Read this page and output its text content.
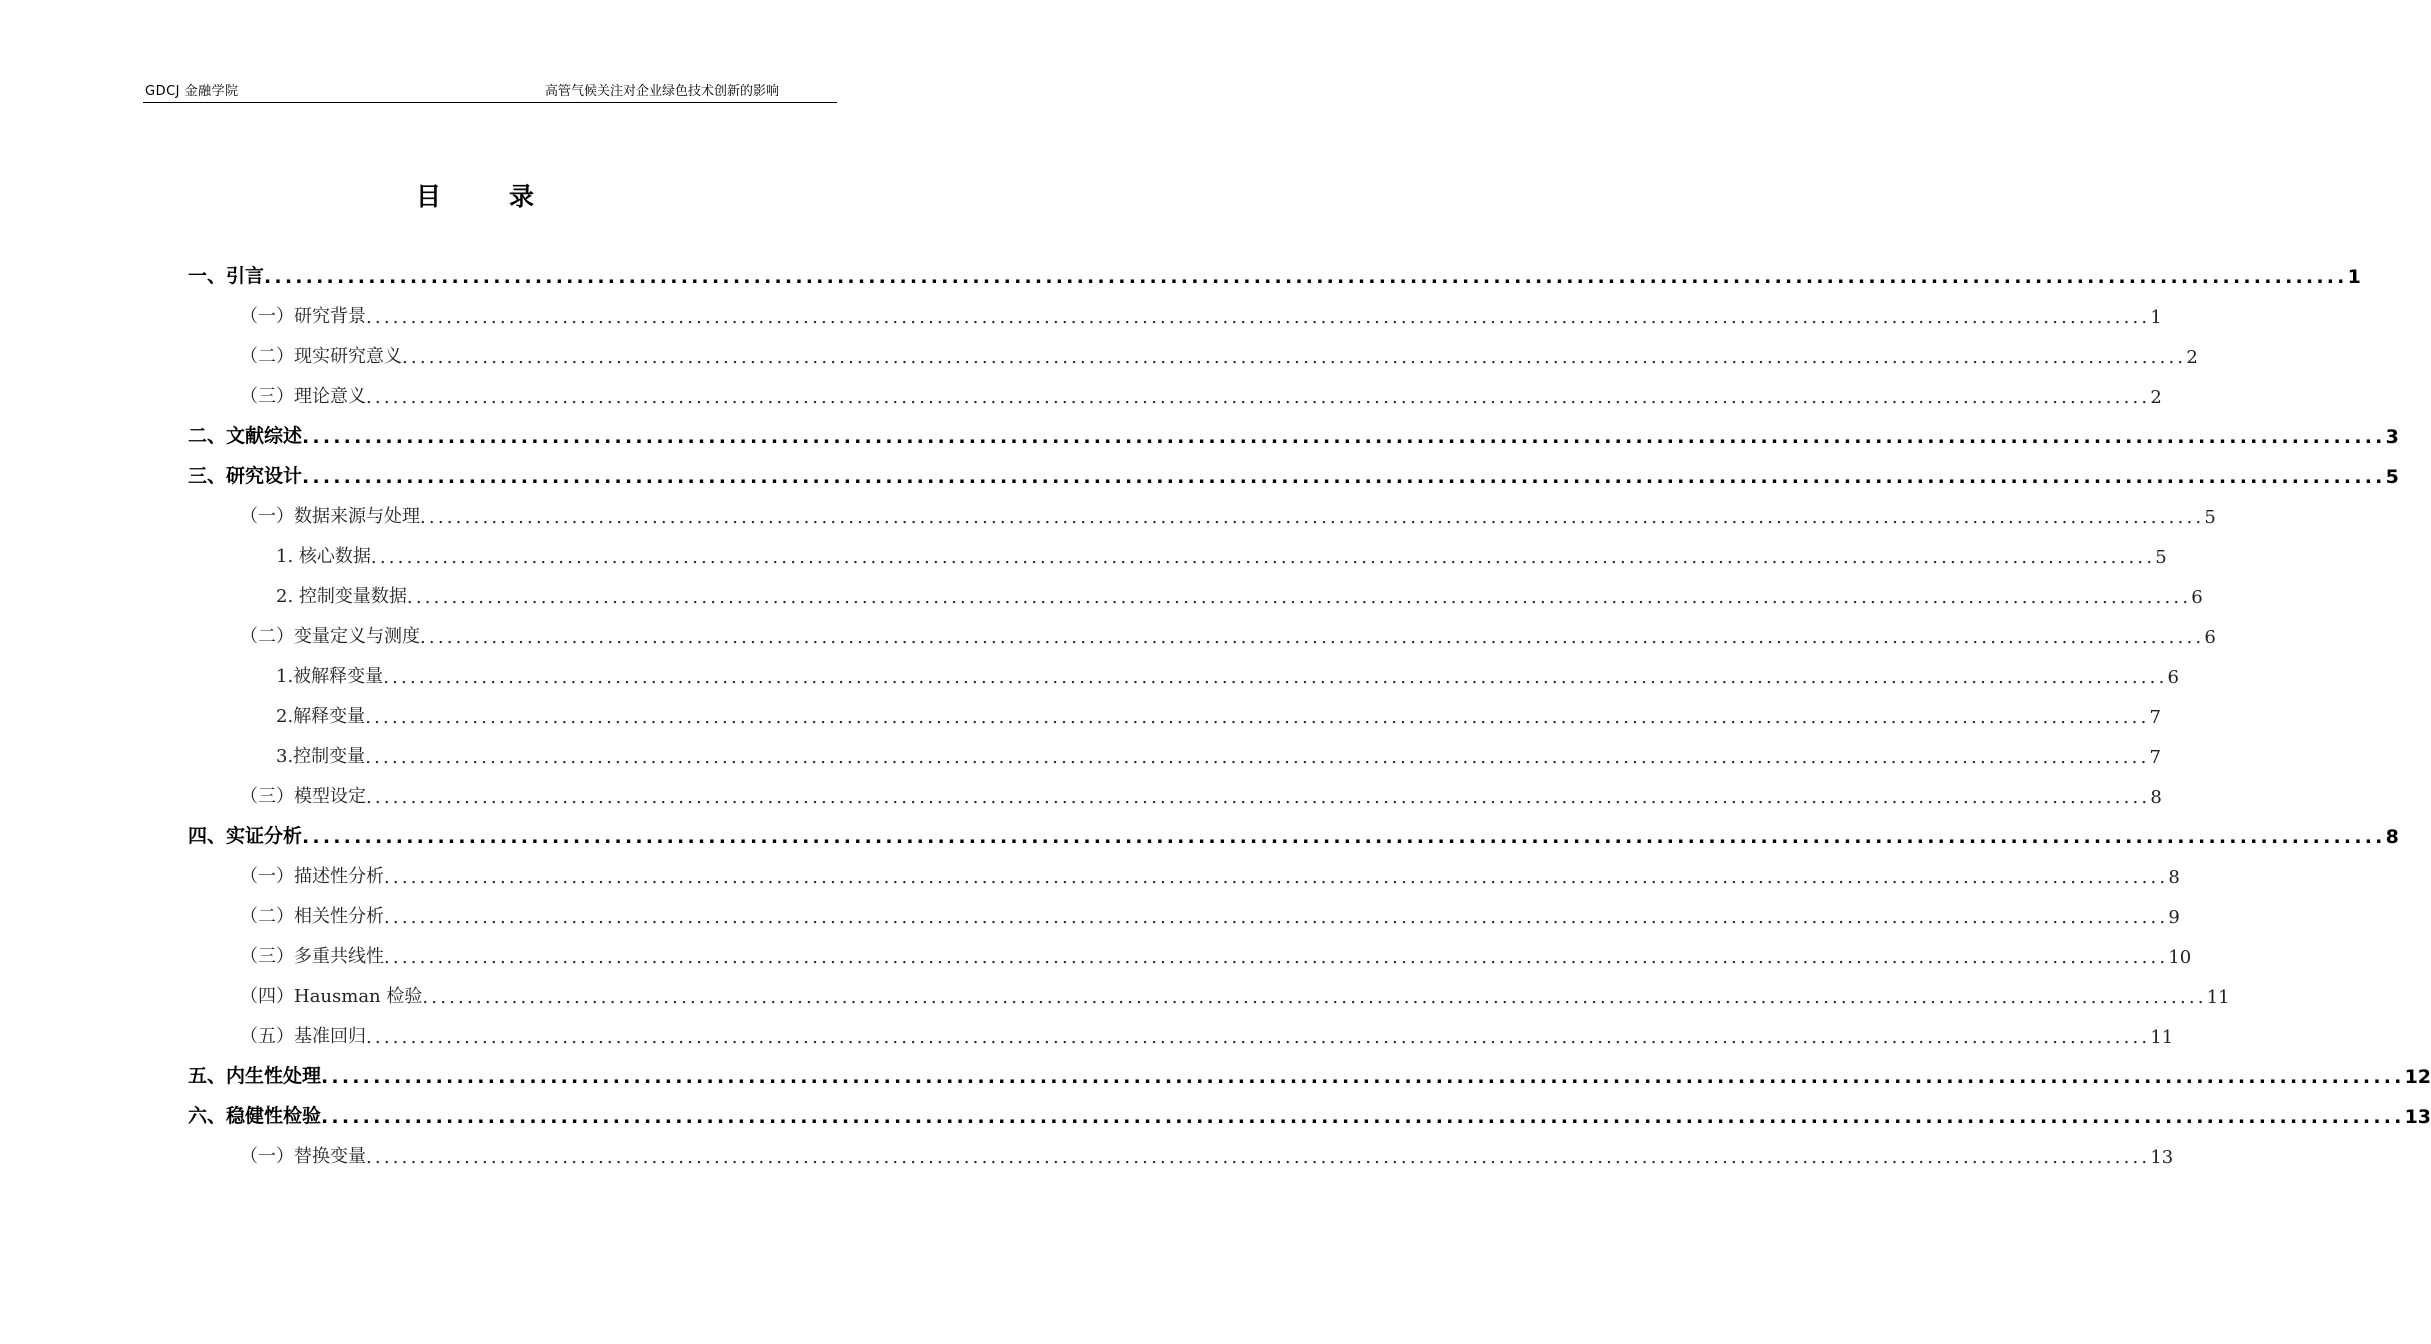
GDCJ 金融学院	高管气候关注对企业绿色技术创新的影响
目	录
一、引言 ........................................................................................................................................................................................................ 1
（一）研究背景 ........................................................................................................................................................................................................ 1
（二）现实研究意义 ........................................................................................................................................................................................................ 2
（三）理论意义 ........................................................................................................................................................................................................ 2
二、文献综述 ........................................................................................................................................................................................................ 3
三、研究设计 ........................................................................................................................................................................................................ 5
（一）数据来源与处理 ........................................................................................................................................................................................................ 5
1. 核心数据 ........................................................................................................................................................................................................ 5
2. 控制变量数据 ........................................................................................................................................................................................................ 6
（二）变量定义与测度 ........................................................................................................................................................................................................ 6
1.被解释变量 ........................................................................................................................................................................................................ 6
2.解释变量 ........................................................................................................................................................................................................ 7
3.控制变量 ........................................................................................................................................................................................................ 7
（三）模型设定 ........................................................................................................................................................................................................ 8
四、实证分析 ........................................................................................................................................................................................................ 8
（一）描述性分析 ........................................................................................................................................................................................................ 8
（二）相关性分析 ........................................................................................................................................................................................................ 9
（三）多重共线性 ........................................................................................................................................................................................................ 10
（四）Hausman 检验 ........................................................................................................................................................................................................ 11
（五）基准回归 ........................................................................................................................................................................................................ 11
五、内生性处理 ........................................................................................................................................................................................................ 12
六、稳健性检验 ........................................................................................................................................................................................................ 13
（一）替换变量 ........................................................................................................................................................................................................ 13
